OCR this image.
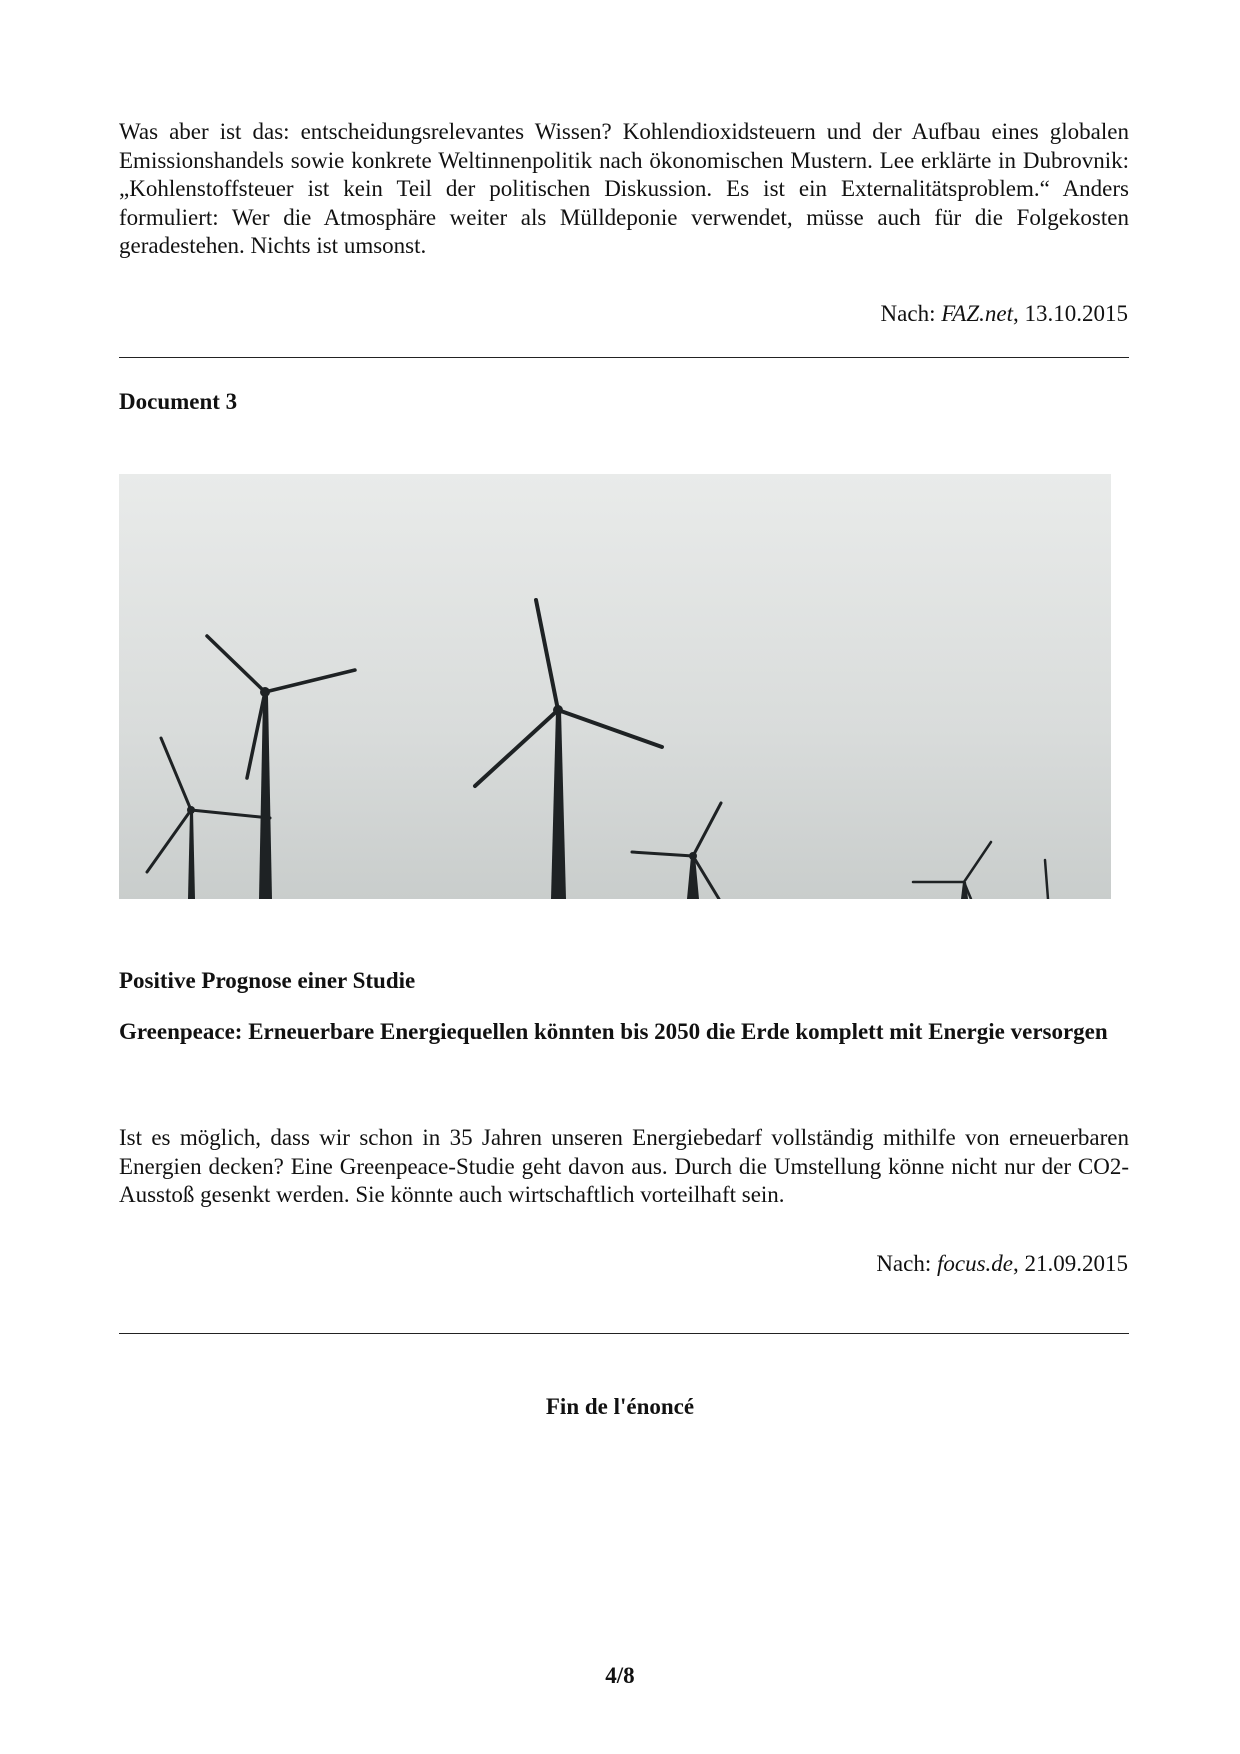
Was aber ist das: entscheidungsrelevantes Wissen? Kohlendioxidsteuern und der Aufbau eines globalen Emissionshandels sowie konkrete Weltinnenpolitik nach ökonomischen Mustern. Lee erklärte in Dubrovnik: „Kohlenstoffsteuer ist kein Teil der politischen Diskussion. Es ist ein Externalitätsproblem.“ Anders formuliert: Wer die Atmosphäre weiter als Mülldeponie verwendet, müsse auch für die Folgekosten geradestehen. Nichts ist umsonst.
Nach: FAZ.net, 13.10.2015
Document 3
Positive Prognose einer Studie
Greenpeace: Erneuerbare Energiequellen könnten bis 2050 die Erde komplett mit Energie versorgen
Ist es möglich, dass wir schon in 35 Jahren unseren Energiebedarf vollständig mithilfe von erneuerbaren Energien decken? Eine Greenpeace-Studie geht davon aus. Durch die Umstellung könne nicht nur der CO2-Ausstoß gesenkt werden. Sie könnte auch wirtschaftlich vorteilhaft sein.
Nach: focus.de, 21.09.2015
Fin de l'énoncé
4/8
